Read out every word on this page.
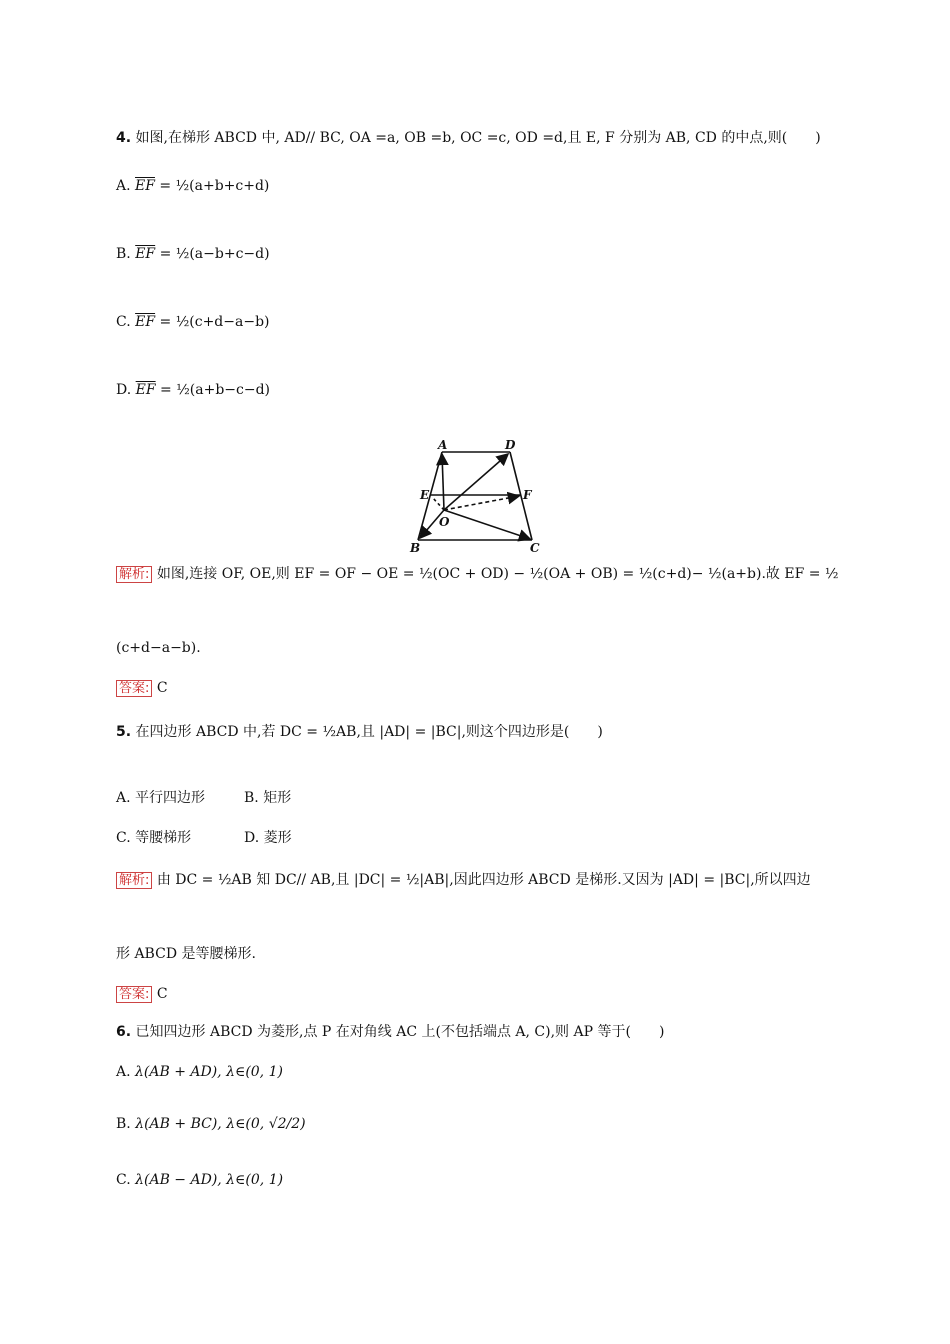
4. 如图,在梯形 ABCD 中, AD// BC, OA =a, OB =b, OC =c, OD =d,且 E, F 分别为 AB, CD 的中点,则(　　)
A. $\overline{EF}$ = ½(a+b+c+d)
B. $\overline{EF}$ = ½(a−b+c−d)
C. $\overline{EF}$ = ½(c+d−a−b)
D. $\overline{EF}$ = ½(a+b−c−d)
A	D
E	F
O
B	C
解析: 如图,连接 OF, OE,则 EF = OF − OE = ½(OC + OD) − ½(OA + OB) = ½(c+d)− ½(a+b).故 EF = ½
(c+d−a−b).
答案: C
5. 在四边形 ABCD 中,若 DC = ½AB,且 |AD| = |BC|,则这个四边形是(　　)
A. 平行四边形	B. 矩形
C. 等腰梯形	D. 菱形
解析: 由 DC = ½AB 知 DC// AB,且 |DC| = ½|AB|,因此四边形 ABCD 是梯形.又因为 |AD| = |BC|,所以四边
形 ABCD 是等腰梯形.
答案: C
6. 已知四边形 ABCD 为菱形,点 P 在对角线 AC 上(不包括端点 A, C),则 AP 等于(　　)
A. λ(AB + AD), λ∈(0, 1)
B. λ(AB + BC), λ∈(0, √2/2)
C. λ(AB − AD), λ∈(0, 1)
